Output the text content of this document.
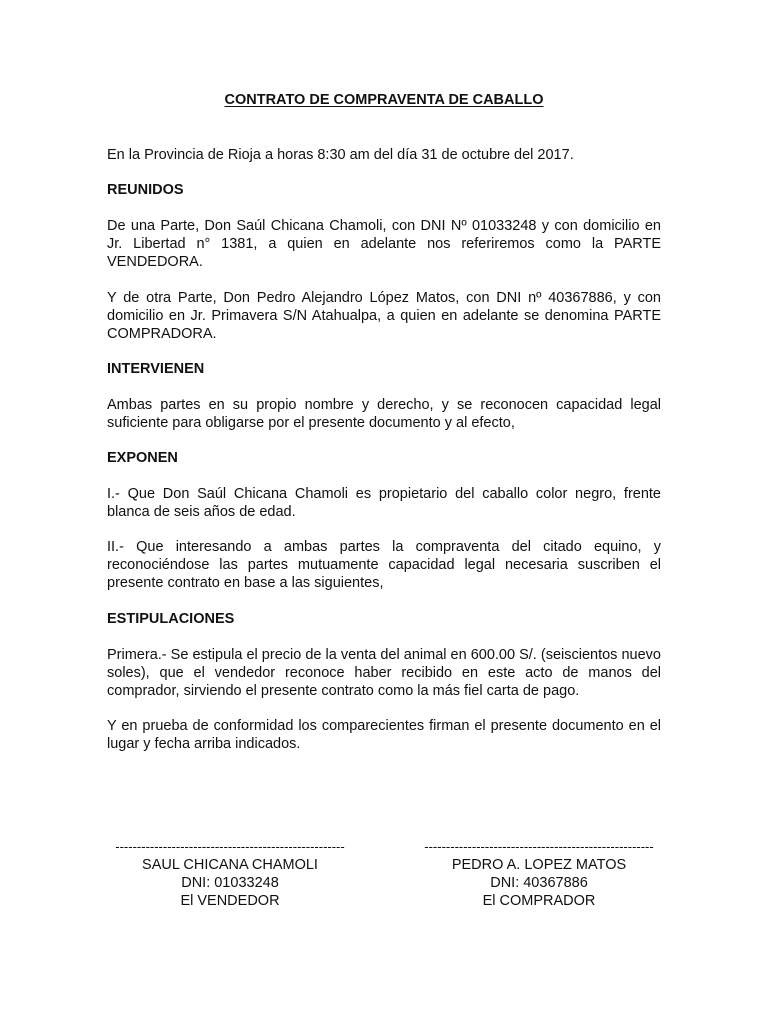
CONTRATO DE COMPRAVENTA DE CABALLO

En la Provincia de Rioja a horas 8:30 am del día 31 de octubre del 2017.

REUNIDOS

De una Parte, Don Saúl Chicana Chamoli, con DNI Nº 01033248 y con domicilio en Jr. Libertad n° 1381, a quien en adelante nos referiremos como la PARTE VENDEDORA.

Y de otra Parte, Don Pedro Alejandro López Matos, con DNI nº 40367886, y con domicilio en Jr. Primavera S/N Atahualpa, a quien en adelante se denomina PARTE COMPRADORA.

INTERVIENEN

Ambas partes en su propio nombre y derecho, y se reconocen capacidad legal suficiente para obligarse por el presente documento y al efecto,

EXPONEN

I.- Que Don Saúl Chicana Chamoli es propietario del caballo color negro, frente blanca de seis años de edad.

II.- Que interesando a ambas partes la compraventa del citado equino, y reconociéndose las partes mutuamente capacidad legal necesaria suscriben el presente contrato en base a las siguientes,

ESTIPULACIONES

Primera.- Se estipula el precio de la venta del animal en 600.00 S/. (seiscientos nuevo soles), que el vendedor reconoce haber recibido en este acto de manos del comprador, sirviendo el presente contrato como la más fiel carta de pago.

Y en prueba de conformidad los comparecientes firman el presente documento en el lugar y fecha arriba indicados.

-----------------------------------------------------
SAUL CHICANA CHAMOLI
DNI: 01033248
El VENDEDOR
-----------------------------------------------------
PEDRO A. LOPEZ MATOS
DNI: 40367886
El COMPRADOR
